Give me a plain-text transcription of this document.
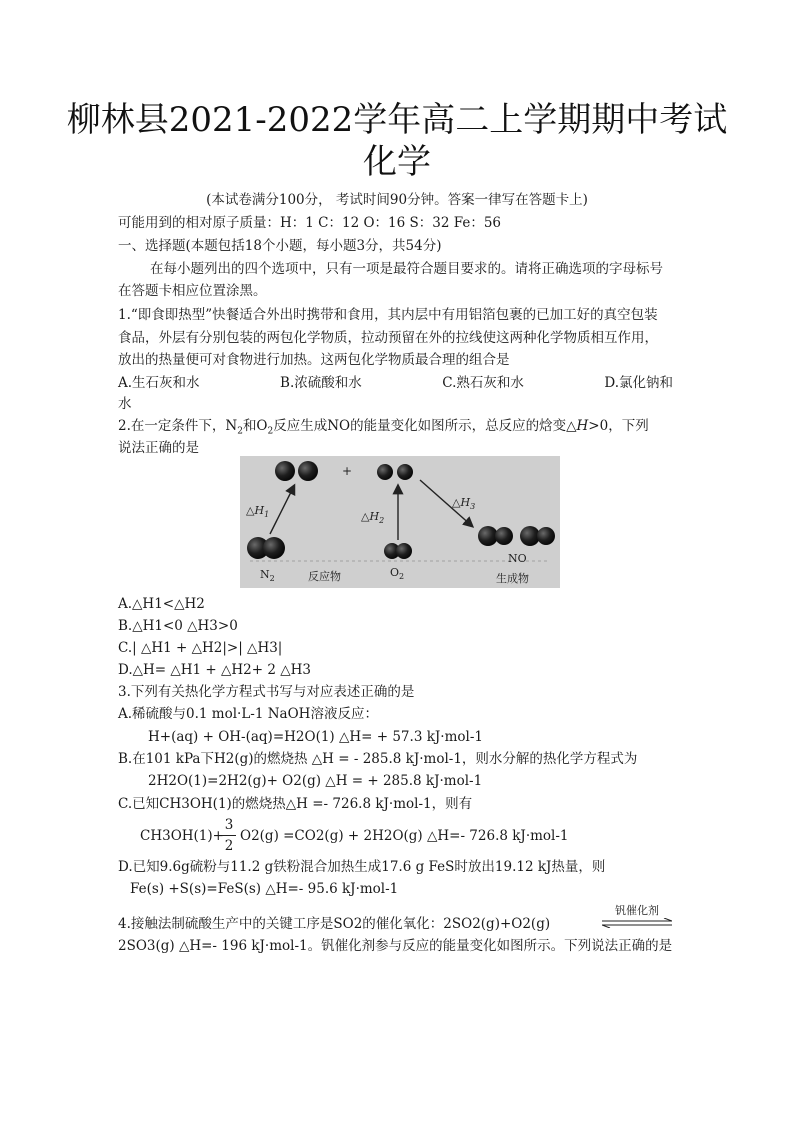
柳林县2021-2022学年高二上学期期中考试
化学
(本试卷满分100分， 考试时间90分钟。答案一律写在答题卡上)
可能用到的相对原子质量：H：1 C：12 O：16 S：32 Fe：56
一、选择题(本题包括18个小题，每小题3分，共54分)
在每小题列出的四个选项中，只有一项是最符合题目要求的。请将正确选项的字母标号
在答题卡相应位置涂黑。
1.“即食即热型”快餐适合外出时携带和食用，其内层中有用铝箔包裹的已加工好的真空包装
食品，外层有分别包装的两包化学物质，拉动预留在外的拉线使这两种化学物质相互作用，
放出的热量便可对食物进行加热。这两包化学物质最合理的组合是
A.生石灰和水	B.浓硫酸和水	C.熟石灰和水	D.氯化钠和
水
2.在一定条件下，$N_2$和$O_2$反应生成NO的能量变化如图所示，总反应的焓变△H>0，下列
说法正确的是
+
$\triangle H_1$	$\triangle H_2$
$\triangle H_3$
$N_2$	$O_2$
NO
反应物	生成物
A.△H1<△H2
B.△H1<0 △H3>0
C.| △H1 + △H2|>| △H3|
D.△H= △H1 + △H2+ 2 △H3
3.下列有关热化学方程式书写与对应表述正确的是
A.稀硫酸与0.1 mol·L-1 NaOH溶液反应：
H+(aq) + OH-(aq)=H2O(1) △H= + 57.3 kJ·mol-1
B.在101 kPa下H2(g)的燃烧热 △H = - 285.8 kJ·mol-1，则水分解的热化学方程式为
2H2O(1)=2H2(g)+ O2(g) △H = + 285.8 kJ·mol-1
C.已知CH3OH(1)的燃烧热△H =- 726.8 kJ·mol-1，则有
CH3OH(1)+
3
2
O2(g) =CO2(g) + 2H2O(g) △H=- 726.8 kJ·mol-1
D.已知9.6g硫粉与11.2 g铁粉混合加热生成17.6 g FeS时放出19.12 kJ热量，则
Fe(s) +S(s)=FeS(s) △H=- 95.6 kJ·mol-1
4.接触法制硫酸生产中的关键工序是SO2的催化氧化：2SO2(g)+O2(g)
钒催化剂
2SO3(g) △H=- 196 kJ·mol-1。钒催化剂参与反应的能量变化如图所示。下列说法正确的是
